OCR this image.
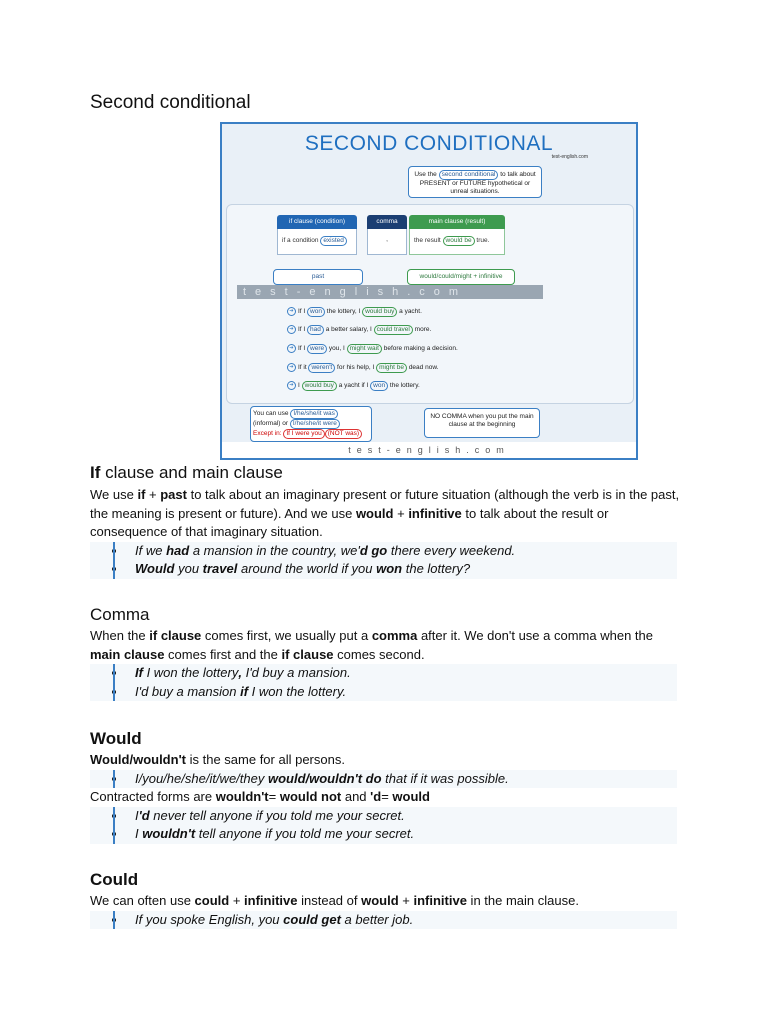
Second conditional
SECOND CONDITIONAL
test-english.com
Use the second conditional to talk about PRESENT or FUTURE hypothetical or unreal situations.
if clause (condition)	comma	main clause (result)
if a condition existed	,	the result would be true.
past	would/could/might + infinitive
test-english.com
➔ If I won the lottery, I would buy a yacht.
➔ If I had a better salary, I could travel more.
➔ If I were you, I might wait before making a decision.
➔ If it weren't for his help, I might be dead now.
➔ I would buy a yacht if I won the lottery.
You can use I/he/she/it was
(informal) or I/he/she/it were
Except in: If I were you (NOT was)
NO COMMA when you put the main clause at the beginning
test-english.com
If clause and main clause

We use if + past to talk about an imaginary present or future situation (although the verb is in the past, the meaning is present or future). And we use would + infinitive to talk about the result or consequence of that imaginary situation.

If we had a mansion in the country, we'd go there every weekend.
Would you travel around the world if you won the lottery?
Comma

When the if clause comes first, we usually put a comma after it. We don't use a comma when the main clause comes first and the if clause comes second.

If I won the lottery, I'd buy a mansion.
I'd buy a mansion if I won the lottery.
Would

Would/wouldn't is the same for all persons.

I/you/he/she/it/we/they would/wouldn't do that if it was possible.

Contracted forms are wouldn't= would not and 'd= would

I'd never tell anyone if you told me your secret.
I wouldn't tell anyone if you told me your secret.
Could

We can often use could + infinitive instead of would + infinitive in the main clause.

If you spoke English, you could get a better job.
